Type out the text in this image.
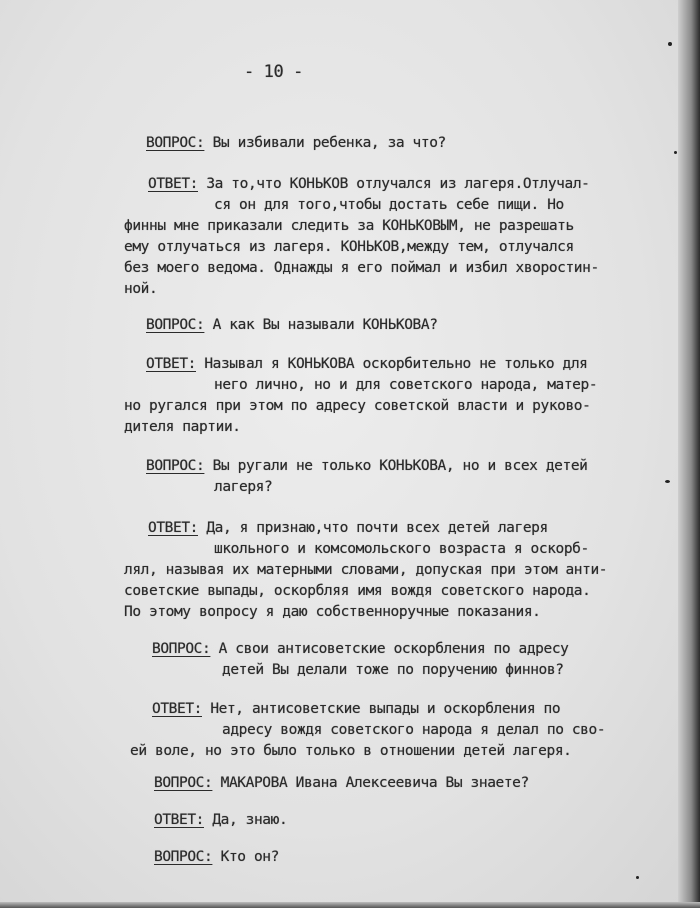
- 10 -
ВОПРОС: Вы избивали ребенка, за что?
ОТВЕТ: За то,что КОНЬКОВ отлучался из лагеря.Отлучал-
ся он для того,чтобы достать себе пищи. Но
финны мне приказали следить за КОНЬКОВЫМ, не разрешать
ему отлучаться из лагеря. КОНЬКОВ,между тем, отлучался
без моего ведома. Однажды я его поймал и избил хворостин-
ной.
ВОПРОС: А как Вы называли КОНЬКОВА?
ОТВЕТ: Называл я КОНЬКОВА оскорбительно не только для
него лично, но и для советского народа, матер-
но ругался при этом по адресу советской власти и руково-
дителя партии.
ВОПРОС: Вы ругали не только КОНЬКОВА, но и всех детей
лагеря?
ОТВЕТ: Да, я признаю,что почти всех детей лагеря
школьного и комсомольского возраста я оскорб-
лял, называя их матерными словами, допуская при этом анти-
советские выпады, оскорбляя имя вождя советского народа.
По этому вопросу я даю собственноручные показания.
ВОПРОС: А свои антисоветские оскорбления по адресу
детей Вы делали тоже по поручению финнов?
ОТВЕТ: Нет, антисоветские выпады и оскорбления по
адресу вождя советского народа я делал по сво-
ей воле, но это было только в отношении детей лагеря.
ВОПРОС: МАКАРОВА Ивана Алексеевича Вы знаете?
ОТВЕТ: Да, знаю.
ВОПРОС: Кто он?
